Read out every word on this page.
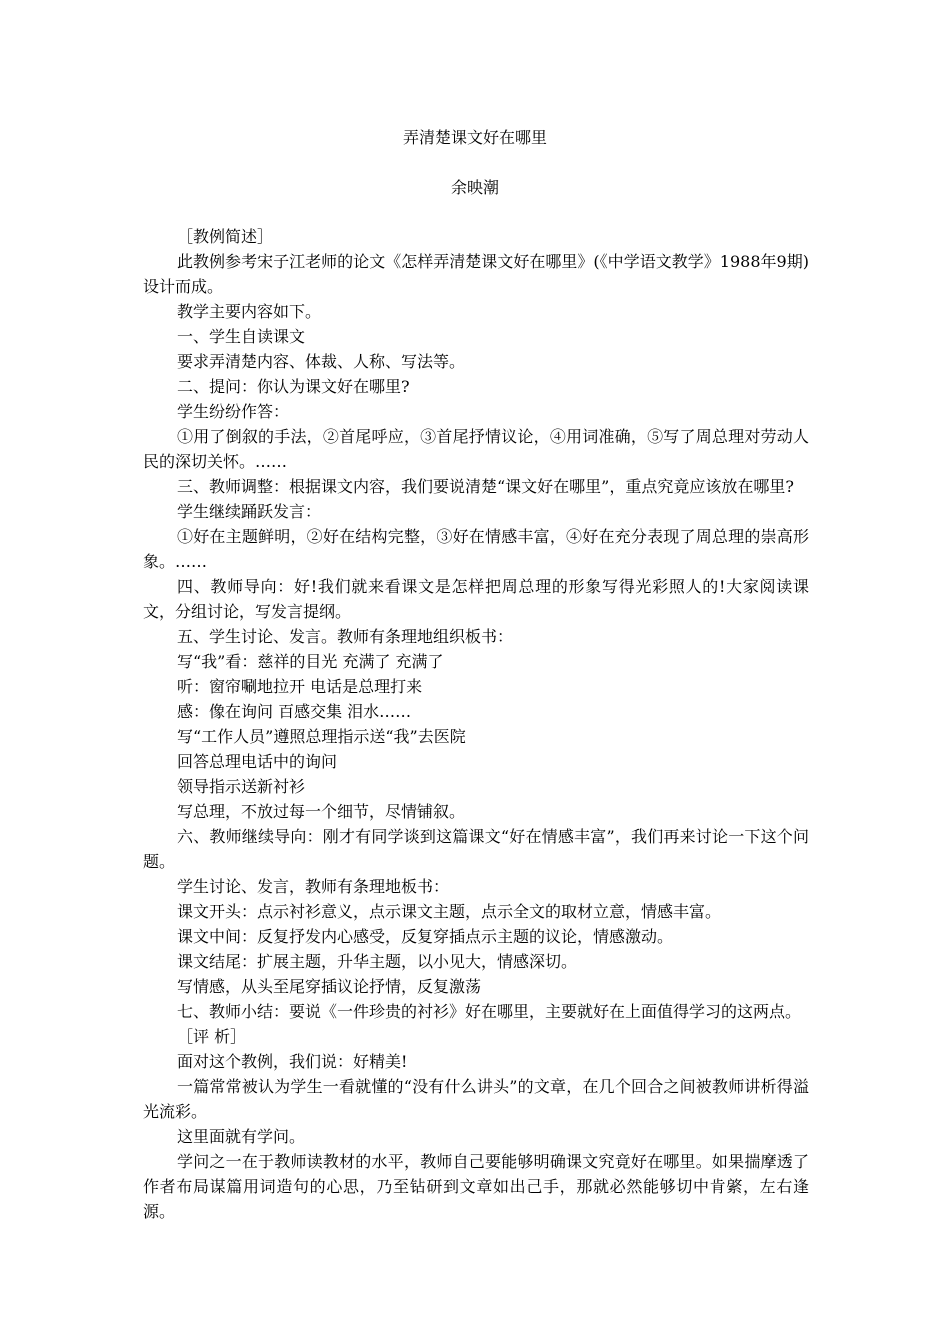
弄清楚课文好在哪里
余映潮

［教例简述］

此教例参考宋子江老师的论文《怎样弄清楚课文好在哪里》(《中学语文教学》1988年9期)设计而成。

教学主要内容如下。

一、学生自读课文

要求弄清楚内容、体裁、人称、写法等。

二、提问：你认为课文好在哪里?

学生纷纷作答：

①用了倒叙的手法，②首尾呼应，③首尾抒情议论，④用词准确，⑤写了周总理对劳动人民的深切关怀。……

三、教师调整：根据课文内容，我们要说清楚“课文好在哪里”，重点究竟应该放在哪里?

学生继续踊跃发言：

①好在主题鲜明，②好在结构完整，③好在情感丰富，④好在充分表现了周总理的崇高形象。……

四、教师导向：好!我们就来看课文是怎样把周总理的形象写得光彩照人的!大家阅读课文，分组讨论，写发言提纲。

五、学生讨论、发言。教师有条理地组织板书：

写“我”看：慈祥的目光 充满了 充满了

听：窗帘唰地拉开 电话是总理打来

感：像在询问 百感交集 泪水……

写“工作人员”遵照总理指示送“我”去医院

回答总理电话中的询问

领导指示送新衬衫

写总理，不放过每一个细节，尽情铺叙。

六、教师继续导向：刚才有同学谈到这篇课文“好在情感丰富”，我们再来讨论一下这个问题。

学生讨论、发言，教师有条理地板书：

课文开头：点示衬衫意义，点示课文主题，点示全文的取材立意，情感丰富。

课文中间：反复抒发内心感受，反复穿插点示主题的议论，情感激动。

课文结尾：扩展主题，升华主题，以小见大，情感深切。

写情感，从头至尾穿插议论抒情，反复激荡

七、教师小结：要说《一件珍贵的衬衫》好在哪里，主要就好在上面值得学习的这两点。

［评 析］

面对这个教例，我们说：好精美!

一篇常常被认为学生一看就懂的“没有什么讲头”的文章，在几个回合之间被教师讲析得溢光流彩。

这里面就有学问。

学问之一在于教师读教材的水平，教师自己要能够明确课文究竟好在哪里。如果揣摩透了作者布局谋篇用词造句的心思，乃至钻研到文章如出己手，那就必然能够切中肯綮，左右逢源。
